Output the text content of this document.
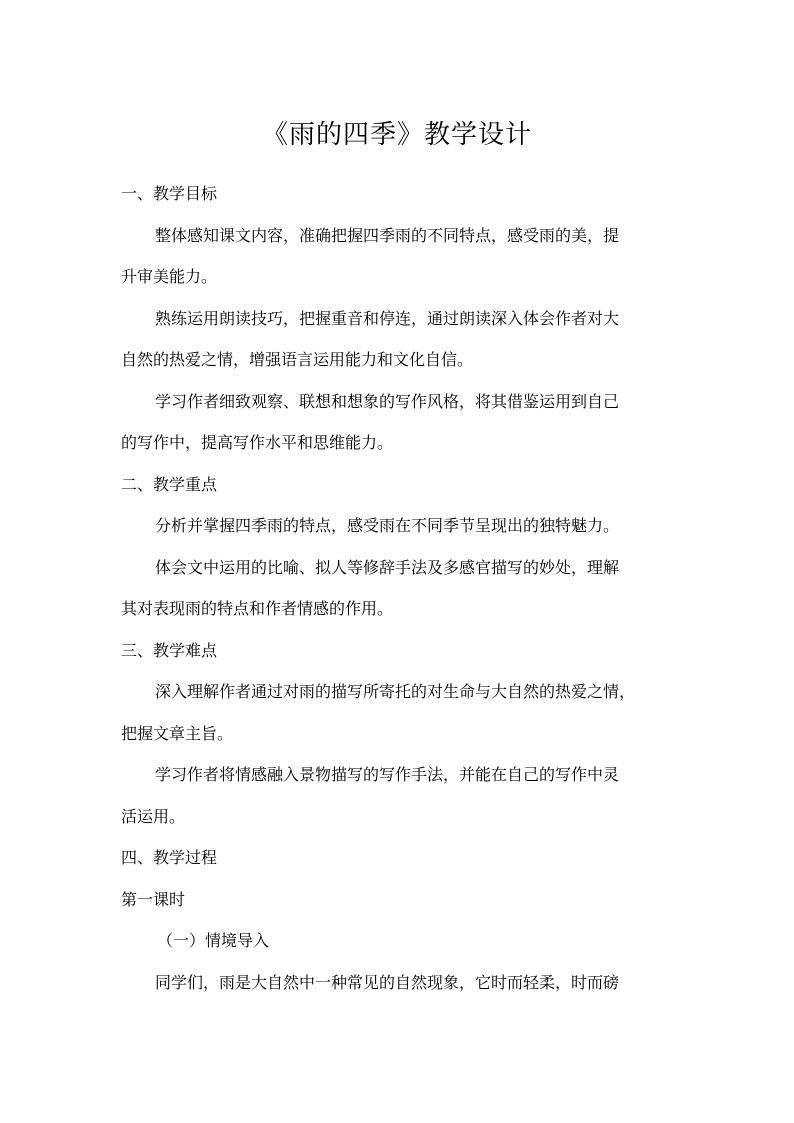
《雨的四季》教学设计
一、教学目标
整体感知课文内容，准确把握四季雨的不同特点，感受雨的美，提
升审美能力。
熟练运用朗读技巧，把握重音和停连，通过朗读深入体会作者对大
自然的热爱之情，增强语言运用能力和文化自信。
学习作者细致观察、联想和想象的写作风格，将其借鉴运用到自己
的写作中，提高写作水平和思维能力。
二、教学重点
分析并掌握四季雨的特点，感受雨在不同季节呈现出的独特魅力。
体会文中运用的比喻、拟人等修辞手法及多感官描写的妙处，理解
其对表现雨的特点和作者情感的作用。
三、教学难点
深入理解作者通过对雨的描写所寄托的对生命与大自然的热爱之情，
把握文章主旨。
学习作者将情感融入景物描写的写作手法，并能在自己的写作中灵
活运用。
四、教学过程
第一课时
（一）情境导入
同学们，雨是大自然中一种常见的自然现象，它时而轻柔，时而磅
